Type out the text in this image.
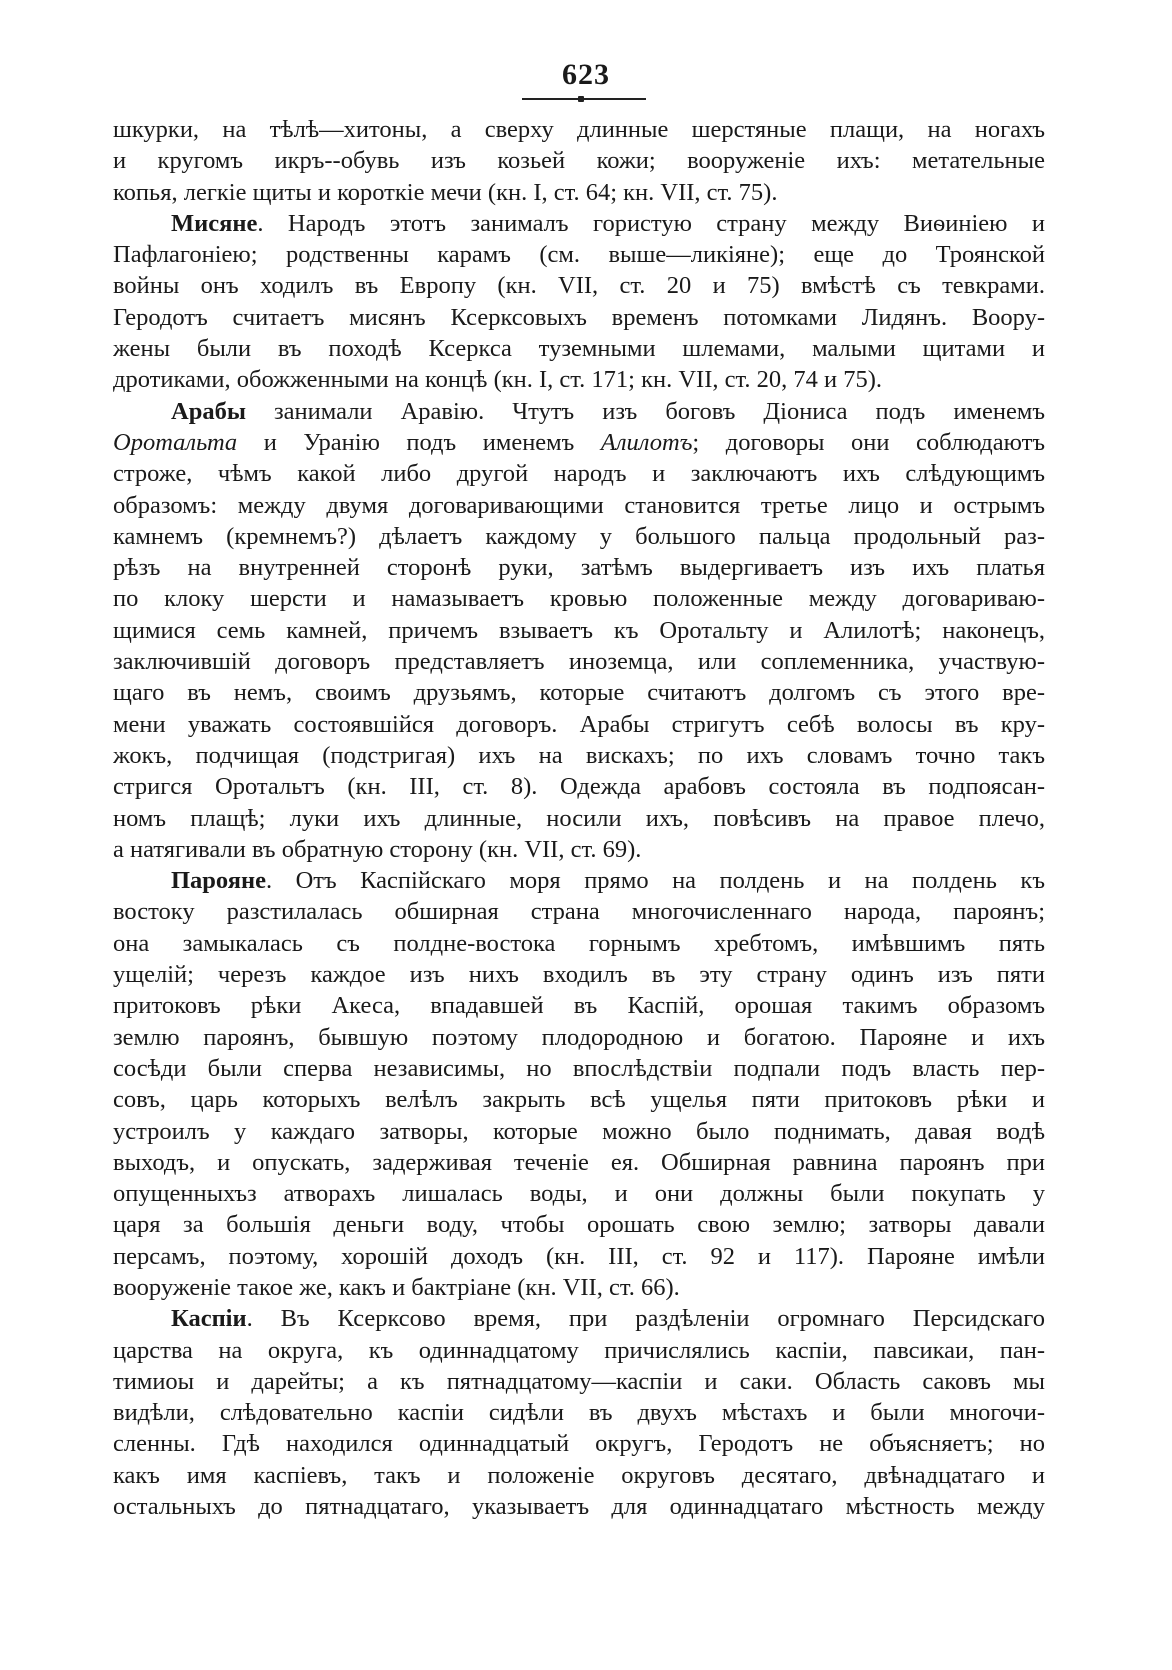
623
шкурки, на тѣлѣ—хитоны, а сверху длинные шерстяные плащи, на ногахъ
и кругомъ икръ--обувь изъ козьей кожи; вооруженіе ихъ: метательные
копья, легкіе щиты и короткіе мечи (кн. I, ст. 64; кн. VII, ст. 75).
Мисяне. Народъ этотъ занималъ гористую страну между Виѳиніею и
Пафлагоніею; родственны карамъ (см. выше—ликіяне); еще до Троянской
войны онъ ходилъ въ Европу (кн. VII, ст. 20 и 75) вмѣстѣ съ тевкрами.
Геродотъ считаетъ мисянъ Ксерксовыхъ временъ потомками Лидянъ. Воору-
жены были въ походѣ Ксеркса туземными шлемами, малыми щитами и
дротиками, обожженными на концѣ (кн. I, ст. 171; кн. VII, ст. 20, 74 и 75).
Арабы занимали Аравію. Чтутъ изъ боговъ Діониса подъ именемъ
Оротальта и Уранію подъ именемъ Алилотъ; договоры они соблюдаютъ
строже, чѣмъ какой либо другой народъ и заключаютъ ихъ слѣдующимъ
образомъ: между двумя договаривающими становится третье лицо и острымъ
камнемъ (кремнемъ?) дѣлаетъ каждому у большого пальца продольный раз-
рѣзъ на внутренней сторонѣ руки, затѣмъ выдергиваетъ изъ ихъ платья
по клоку шерсти и намазываетъ кровью положенные между договариваю-
щимися семь камней, причемъ взываетъ къ Оротальту и Алилотѣ; наконецъ,
заключившій договоръ представляетъ иноземца, или соплеменника, участвую-
щаго въ немъ, своимъ друзьямъ, которые считаютъ долгомъ съ этого вре-
мени уважать состоявшійся договоръ. Арабы стригутъ себѣ волосы въ кру-
жокъ, подчищая (подстригая) ихъ на вискахъ; по ихъ словамъ точно такъ
стригся Оротальтъ (кн. III, ст. 8). Одежда арабовъ состояла въ подпоясан-
номъ плащѣ; луки ихъ длинные, носили ихъ, повѣсивъ на правое плечо,
а натягивали въ обратную сторону (кн. VII, ст. 69).
Парояне. Отъ Каспійскаго моря прямо на полдень и на полдень къ
востоку разстилалась обширная страна многочисленнаго народа, пароянъ;
она замыкалась съ полдне-востока горнымъ хребтомъ, имѣвшимъ пять
ущелій; черезъ каждое изъ нихъ входилъ въ эту страну одинъ изъ пяти
притоковъ рѣки Акеса, впадавшей въ Каспій, орошая такимъ образомъ
землю пароянъ, бывшую поэтому плодородною и богатою. Парояне и ихъ
сосѣди были сперва независимы, но впослѣдствіи подпали подъ власть пер-
совъ, царь которыхъ велѣлъ закрыть всѣ ущелья пяти притоковъ рѣки и
устроилъ у каждаго затворы, которые можно было поднимать, давая водѣ
выходъ, и опускать, задерживая теченіе ея. Обширная равнина пароянъ при
опущенныхъз атворахъ лишалась воды, и они должны были покупать у
царя за большія деньги воду, чтобы орошать свою землю; затворы давали
персамъ, поэтому, хорошій доходъ (кн. III, ст. 92 и 117). Парояне имѣли
вооруженіе такое же, какъ и бактріане (кн. VII, ст. 66).
Каспіи. Въ Ксерксово время, при раздѣленіи огромнаго Персидскаго
царства на округа, къ одиннадцатому причислялись каспіи, павсикаи, пан-
тимиоы и дарейты; а къ пятнадцатому—каспіи и саки. Область саковъ мы
видѣли, слѣдовательно каспіи сидѣли въ двухъ мѣстахъ и были многочи-
сленны. Гдѣ находился одиннадцатый округъ, Геродотъ не объясняетъ; но
какъ имя каспіевъ, такъ и положеніе округовъ десятаго, двѣнадцатаго и
остальныхъ до пятнадцатаго, указываетъ для одиннадцатаго мѣстность между
